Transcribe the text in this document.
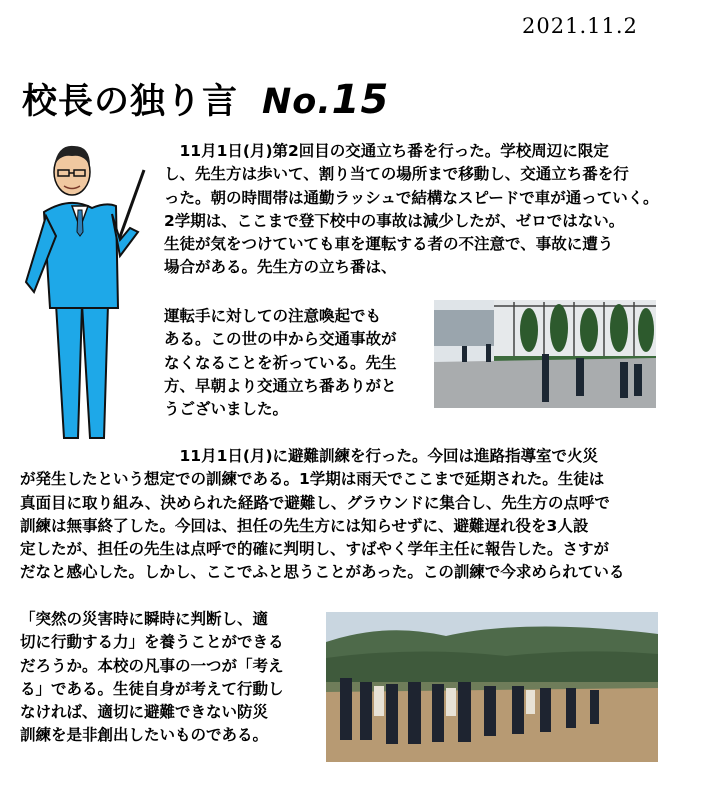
2021.11.2
校長の独り言 No.15

　11月1日(月)第2回目の交通立ち番を行った。学校周辺に限定

し、先生方は歩いて、割り当ての場所まで移動し、交通立ち番を行

った。朝の時間帯は通勤ラッシュで結構なスピードで車が通っていく。

2学期は、ここまで登下校中の事故は減少したが、ゼロではない。

生徒が気をつけていても車を運転する者の不注意で、事故に遭う

場合がある。先生方の立ち番は、

運転手に対しての注意喚起でも

ある。この世の中から交通事故が

なくなることを祈っている。先生

方、早朝より交通立ち番ありがと

うございました。

　11月1日(月)に避難訓練を行った。今回は進路指導室で火災

が発生したという想定での訓練である。1学期は雨天でここまで延期された。生徒は

真面目に取り組み、決められた経路で避難し、グラウンドに集合し、先生方の点呼で

訓練は無事終了した。今回は、担任の先生方には知らせずに、避難遅れ役を3人設

定したが、担任の先生は点呼で的確に判明し、すばやく学年主任に報告した。さすが

だなと感心した。しかし、ここでふと思うことがあった。この訓練で今求められている

「突然の災害時に瞬時に判断し、適

切に行動する力」を養うことができる

だろうか。本校の凡事の一つが「考え

る」である。生徒自身が考えて行動し

なければ、適切に避難できない防災

訓練を是非創出したいものである。
